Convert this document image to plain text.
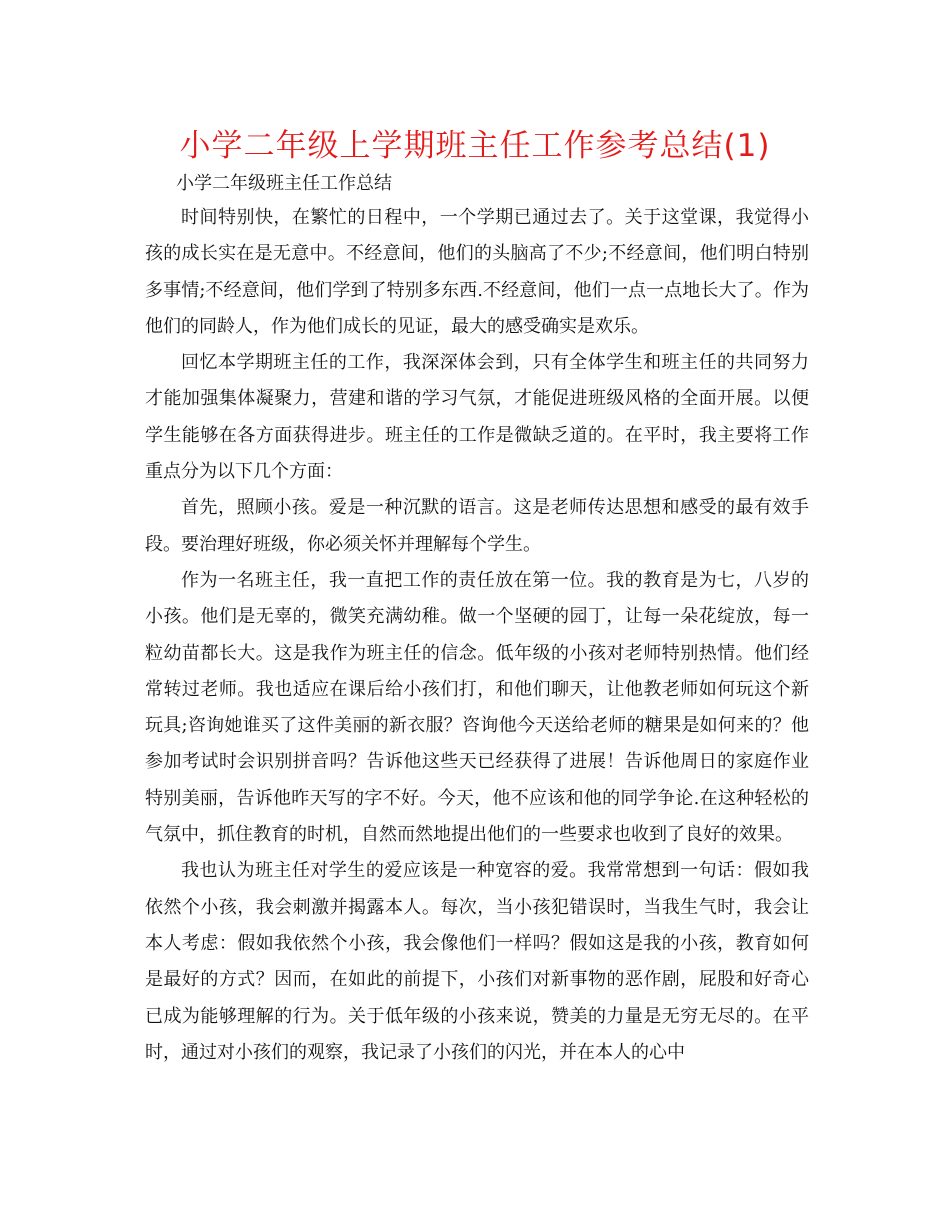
小学二年级上学期班主任工作参考总结(1)
小学二年级班主任工作总结

时间特别快，在繁忙的日程中，一个学期已通过去了。关于这堂课，我觉得小孩的成长实在是无意中。不经意间，他们的头脑高了不少;不经意间，他们明白特别多事情;不经意间，他们学到了特别多东西.不经意间，他们一点一点地长大了。作为他们的同龄人，作为他们成长的见证，最大的感受确实是欢乐。

回忆本学期班主任的工作，我深深体会到，只有全体学生和班主任的共同努力才能加强集体凝聚力，营建和谐的学习气氛，才能促进班级风格的全面开展。以便学生能够在各方面获得进步。班主任的工作是微缺乏道的。在平时，我主要将工作重点分为以下几个方面：

首先，照顾小孩。爱是一种沉默的语言。这是老师传达思想和感受的最有效手段。要治理好班级，你必须关怀并理解每个学生。

作为一名班主任，我一直把工作的责任放在第一位。我的教育是为七，八岁的小孩。他们是无辜的，微笑充满幼稚。做一个坚硬的园丁，让每一朵花绽放，每一粒幼苗都长大。这是我作为班主任的信念。低年级的小孩对老师特别热情。他们经常转过老师。我也适应在课后给小孩们打，和他们聊天，让他教老师如何玩这个新玩具;咨询她谁买了这件美丽的新衣服？咨询他今天送给老师的糖果是如何来的？他参加考试时会识别拼音吗？告诉他这些天已经获得了进展！告诉他周日的家庭作业特别美丽，告诉他昨天写的字不好。今天，他不应该和他的同学争论.在这种轻松的气氛中，抓住教育的时机，自然而然地提出他们的一些要求也收到了良好的效果。

我也认为班主任对学生的爱应该是一种宽容的爱。我常常想到一句话：假如我依然个小孩，我会刺激并揭露本人。每次，当小孩犯错误时，当我生气时，我会让本人考虑：假如我依然个小孩，我会像他们一样吗？假如这是我的小孩，教育如何是最好的方式？因而，在如此的前提下，小孩们对新事物的恶作剧，屁股和好奇心已成为能够理解的行为。关于低年级的小孩来说，赞美的力量是无穷无尽的。在平时，通过对小孩们的观察，我记录了小孩们的闪光，并在本人的心中
